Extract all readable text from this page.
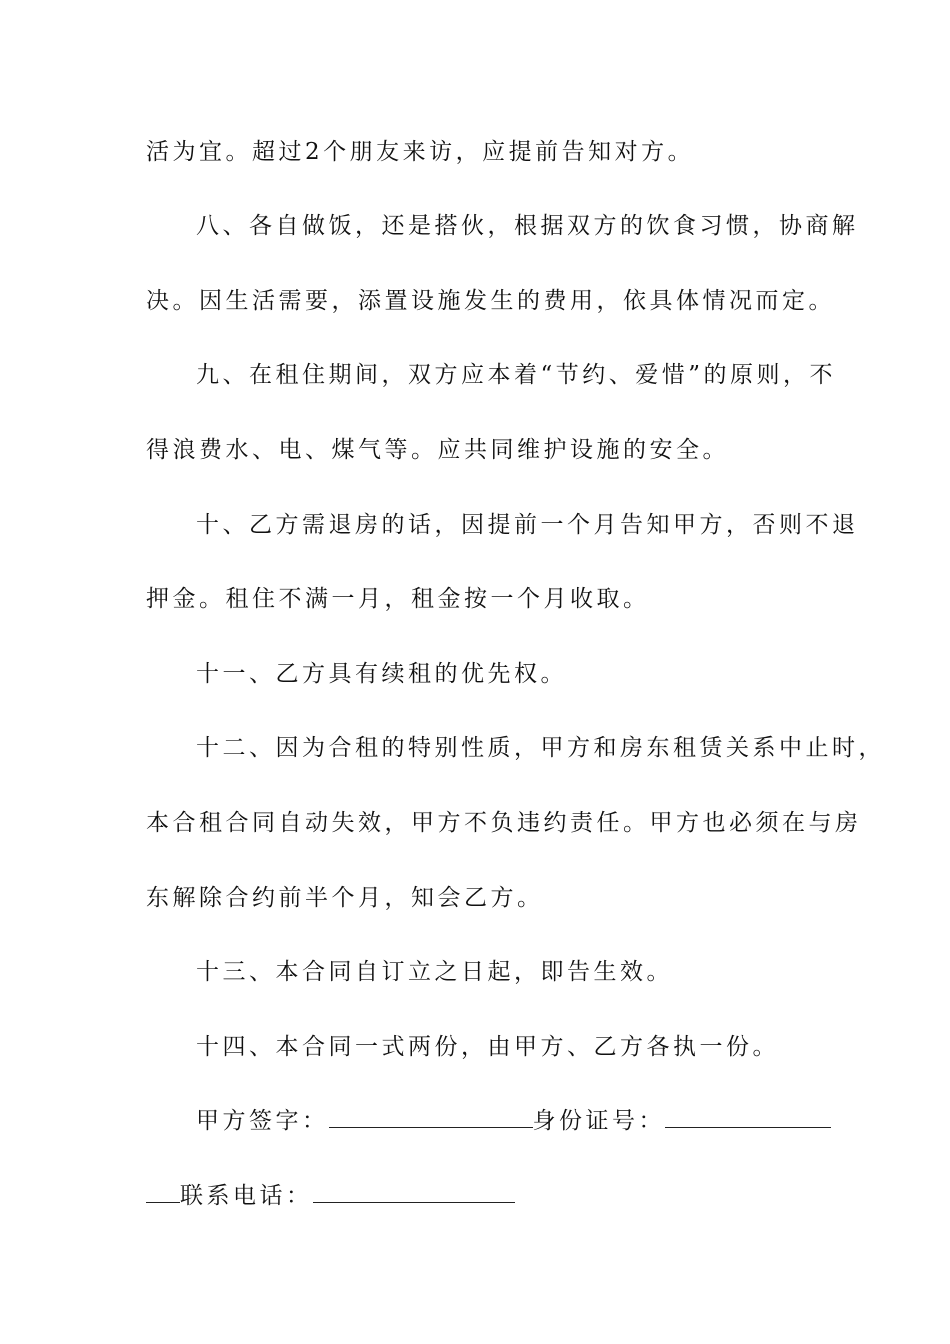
活为宜。超过2个朋友来访，应提前告知对方。
八、各自做饭，还是搭伙，根据双方的饮食习惯，协商解
决。因生活需要，添置设施发生的费用，依具体情况而定。
九、在租住期间，双方应本着“节约、爱惜”的原则，不
得浪费水、电、煤气等。应共同维护设施的安全。
十、乙方需退房的话，因提前一个月告知甲方，否则不退
押金。租住不满一月，租金按一个月收取。
十一、乙方具有续租的优先权。
十二、因为合租的特别性质，甲方和房东租赁关系中止时，
本合租合同自动失效，甲方不负违约责任。甲方也必须在与房
东解除合约前半个月，知会乙方。
十三、本合同自订立之日起，即告生效。
十四、本合同一式两份，由甲方、乙方各执一份。
甲方签字：	身份证号：
联系电话：
